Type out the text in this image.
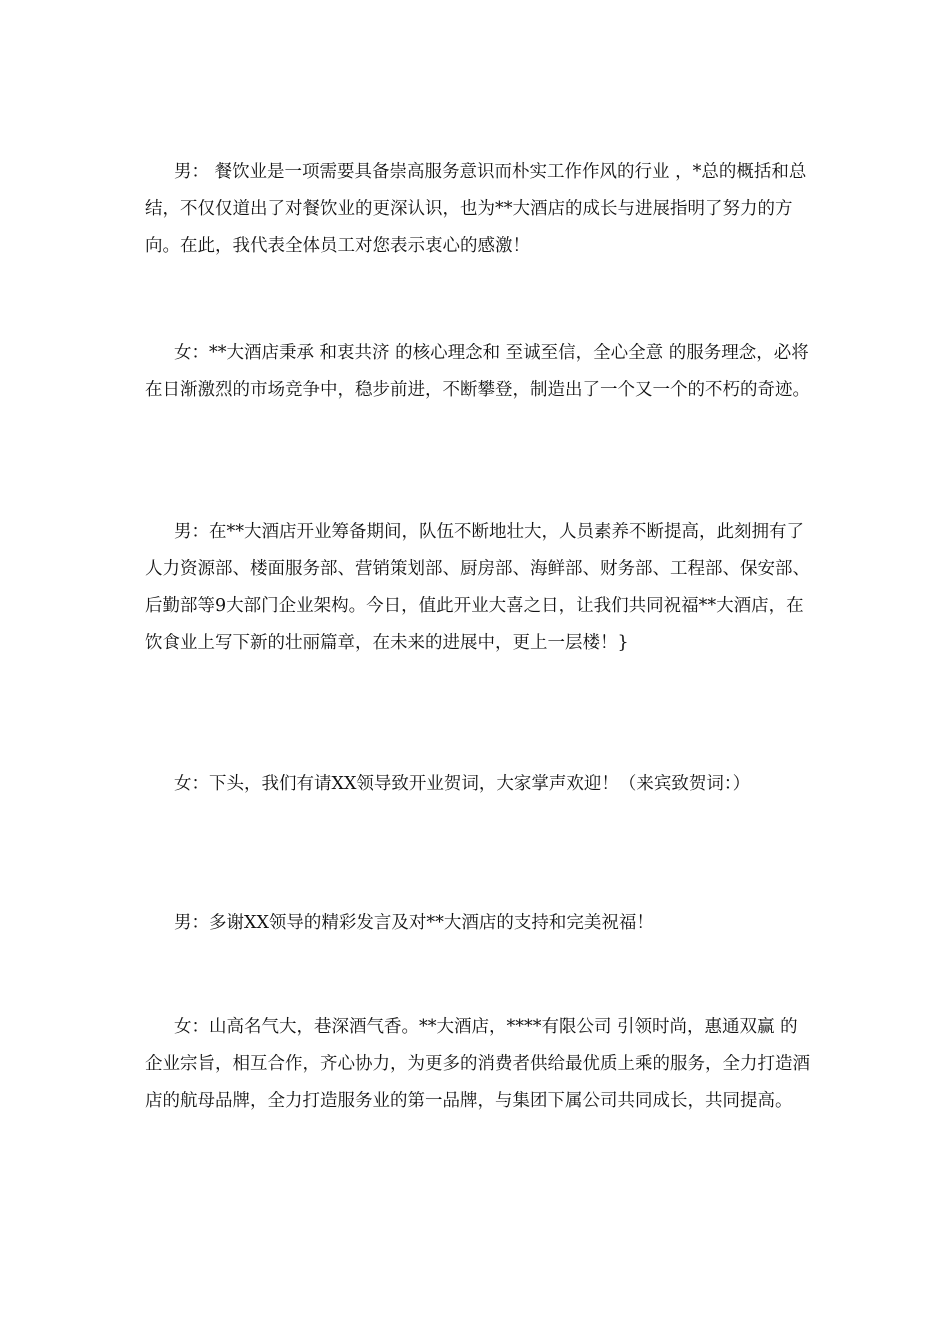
男： 餐饮业是一项需要具备崇高服务意识而朴实工作作风的行业 ，*总的概括和总结，不仅仅道出了对餐饮业的更深认识，也为**大酒店的成长与进展指明了努力的方向。在此，我代表全体员工对您表示衷心的感激！

女：**大酒店秉承 和衷共济 的核心理念和 至诚至信，全心全意 的服务理念，必将在日渐激烈的市场竞争中，稳步前进，不断攀登，制造出了一个又一个的不朽的奇迹。

男：在**大酒店开业筹备期间，队伍不断地壮大，人员素养不断提高，此刻拥有了人力资源部、楼面服务部、营销策划部、厨房部、海鲜部、财务部、工程部、保安部、后勤部等9大部门企业架构。今日，值此开业大喜之日，让我们共同祝福**大酒店，在饮食业上写下新的壮丽篇章，在未来的进展中，更上一层楼！}

女：下头，我们有请XX领导致开业贺词，大家掌声欢迎！（来宾致贺词：）

男：多谢XX领导的精彩发言及对**大酒店的支持和完美祝福！

女：山高名气大，巷深酒气香。**大酒店，****有限公司 引领时尚，惠通双赢 的企业宗旨，相互合作，齐心协力，为更多的消费者供给最优质上乘的服务，全力打造酒店的航母品牌，全力打造服务业的第一品牌，与集团下属公司共同成长，共同提高。
